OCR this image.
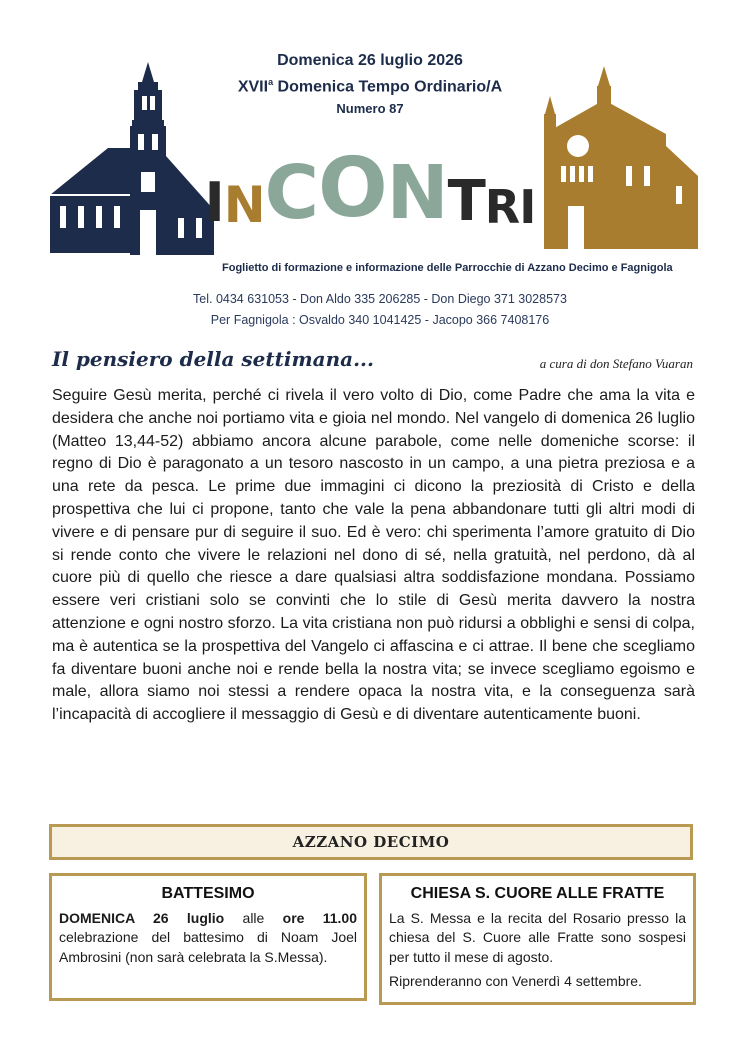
Domenica 26 luglio 2026
XVII$^a$ Domenica Tempo Ordinario/A
Numero 87
I N C O N T R I
Foglietto di formazione e informazione delle Parrocchie di Azzano Decimo e Fagnigola
Tel. 0434 631053 - Don Aldo 335 206285 - Don Diego 371 3028573
Per Fagnigola : Osvaldo 340 1041425 - Jacopo 366 7408176
Il pensiero della settimana...	a cura di don Stefano Vuaran

Seguire Gesù merita, perché ci rivela il vero volto di Dio, come Padre che ama la vita e desidera che anche noi portiamo vita e gioia nel mondo. Nel vangelo di domenica 26 luglio (Matteo 13,44-52) abbiamo ancora alcune parabole, come nelle domeniche scorse: il regno di Dio è paragonato a un tesoro nascosto in un campo, a una pietra preziosa e a una rete da pesca. Le prime due immagini ci dicono la preziosità di Cristo e della prospettiva che lui ci propone, tanto che vale la pena abbandonare tutti gli altri modi di vivere e di pensare pur di seguire il suo. Ed è vero: chi sperimenta l’amore gratuito di Dio si rende conto che vivere le relazioni nel dono di sé, nella gratuità, nel perdono, dà al cuore più di quello che riesce a dare qualsiasi altra soddisfazione mondana. Possiamo essere veri cristiani solo se convinti che lo stile di Gesù merita davvero la nostra attenzione e ogni nostro sforzo. La vita cristiana non può ridursi a obblighi e sensi di colpa, ma è autentica se la prospettiva del Vangelo ci affascina e ci attrae. Il bene che scegliamo fa diventare buoni anche noi e rende bella la nostra vita; se invece scegliamo egoismo e male, allora siamo noi stessi a rendere opaca la nostra vita, e la conseguenza sarà l’incapacità di accogliere il messaggio di Gesù e di diventare autenticamente buoni.

AZZANO DECIMO
BATTESIMO

DOMENICA 26 luglio alle ore 11.00 celebrazione del battesimo di Noam Joel Ambrosini (non sarà celebrata la S.Messa).

CHIESA S. CUORE ALLE FRATTE

La S. Messa e la recita del Rosario presso la chiesa del S. Cuore alle Fratte sono sospesi per tutto il mese di agosto.

Riprenderanno con Venerdì 4 settembre.
